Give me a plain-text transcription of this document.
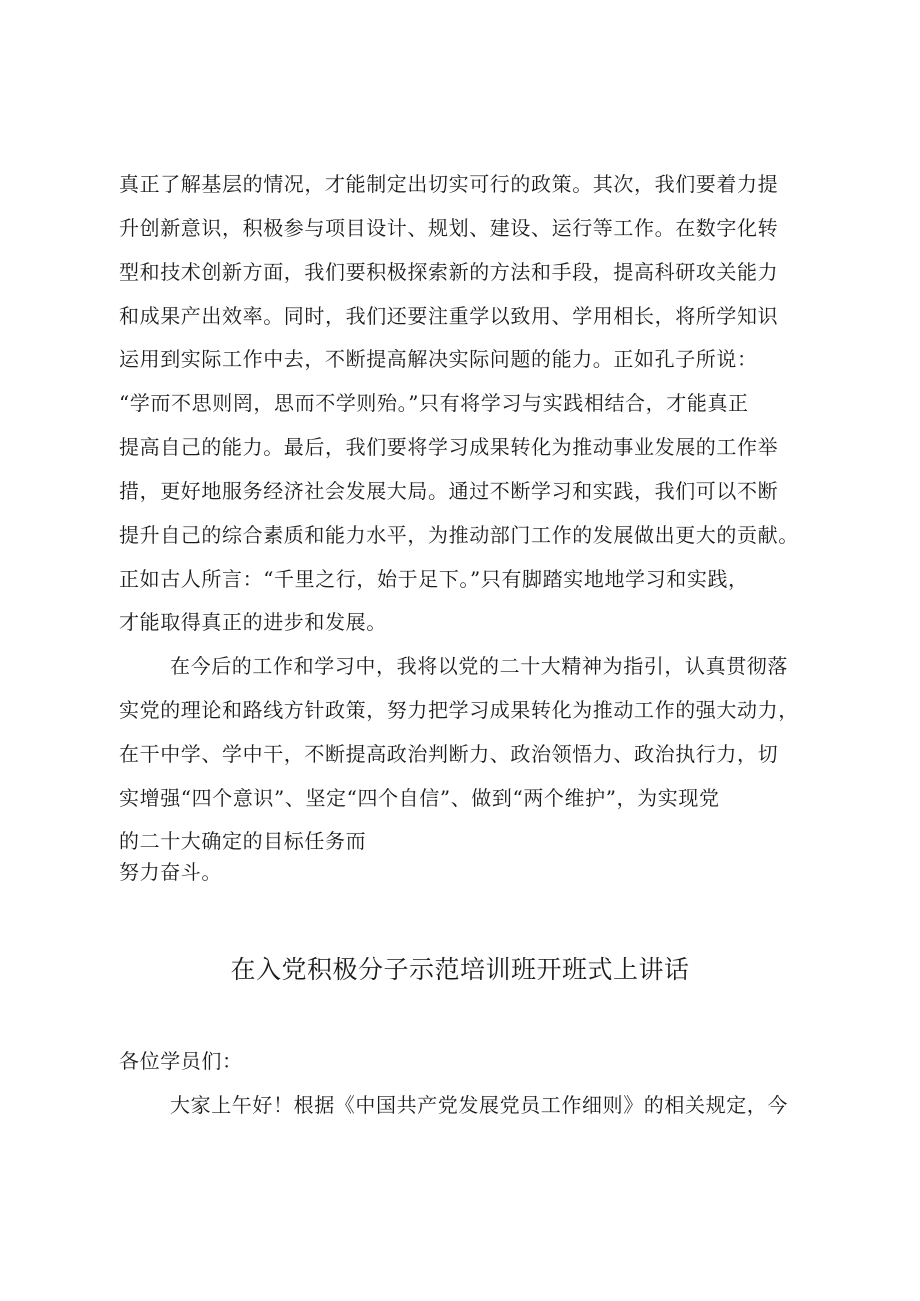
真正了解基层的情况，才能制定出切实可行的政策。其次，我们要着力提
升创新意识，积极参与项目设计、规划、建设、运行等工作。在数字化转
型和技术创新方面，我们要积极探索新的方法和手段，提高科研攻关能力
和成果产出效率。同时，我们还要注重学以致用、学用相长，将所学知识
运用到实际工作中去，不断提高解决实际问题的能力。正如孔子所说：
“学而不思则罔，思而不学则殆。”只有将学习与实践相结合，才能真正
提高自己的能力。最后，我们要将学习成果转化为推动事业发展的工作举
措，更好地服务经济社会发展大局。通过不断学习和实践，我们可以不断
提升自己的综合素质和能力水平，为推动部门工作的发展做出更大的贡献。
正如古人所言：“千里之行，始于足下。”只有脚踏实地地学习和实践，
才能取得真正的进步和发展。
在今后的工作和学习中，我将以党的二十大精神为指引，认真贯彻落
实党的理论和路线方针政策，努力把学习成果转化为推动工作的强大动力，
在干中学、学中干，不断提高政治判断力、政治领悟力、政治执行力，切
实增强“四个意识”、坚定“四个自信”、做到“两个维护”，为实现党
的二十大确定的目标任务而
努力奋斗。
在入党积极分子示范培训班开班式上讲话
各位学员们：
大家上午好！根据《中国共产党发展党员工作细则》的相关规定，今
